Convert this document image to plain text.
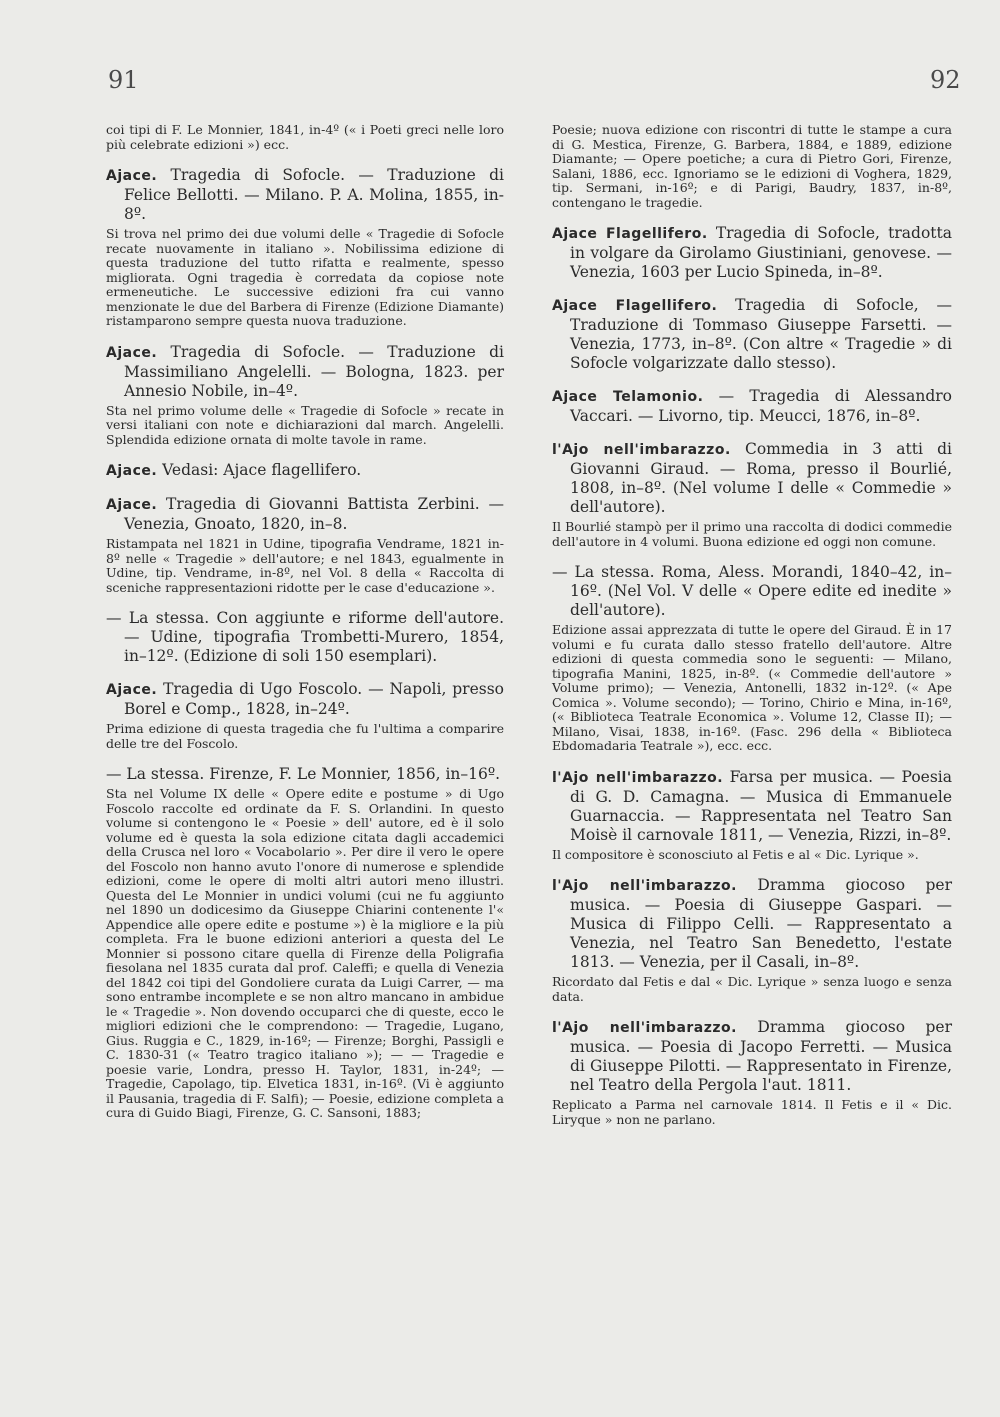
91	92

coi tipi di F. Le Monnier, 1841, in-4º (« i Poeti greci nelle loro più celebrate edizioni ») ecc.

Ajace. Tragedia di Sofocle. — Traduzione di Felice Bellotti. — Milano. P. A. Molina, 1855, in-8º.

Si trova nel primo dei due volumi delle « Tragedie di Sofocle recate nuovamente in italiano ». Nobilissima edizione di questa traduzione del tutto rifatta e realmente, spesso migliorata. Ogni tragedia è corredata da copiose note ermeneutiche. Le successive edizioni fra cui vanno menzionate le due del Barbera di Firenze (Edizione Diamante) ristamparono sempre questa nuova traduzione.

Ajace. Tragedia di Sofocle. — Traduzione di Massimiliano Angelelli. — Bologna, 1823. per Annesio Nobile, in–4º.

Sta nel primo volume delle « Tragedie di Sofocle » recate in versi italiani con note e dichiarazioni dal march. Angelelli. Splendida edizione ornata di molte tavole in rame.

Ajace. Vedasi: Ajace flagellifero.

Ajace. Tragedia di Giovanni Battista Zerbini. — Venezia, Gnoato, 1820, in–8.

Ristampata nel 1821 in Udine, tipografia Vendrame, 1821 in-8º nelle « Tragedie » dell'autore; e nel 1843, egualmente in Udine, tip. Vendrame, in-8º, nel Vol. 8 della « Raccolta di sceniche rappresentazioni ridotte per le case d'educazione ».

— La stessa. Con aggiunte e riforme dell'autore. — Udine, tipografia Trombetti-Murero, 1854, in–12º. (Edizione di soli 150 esemplari).

Ajace. Tragedia di Ugo Foscolo. — Napoli, presso Borel e Comp., 1828, in–24º.

Prima edizione di questa tragedia che fu l'ultima a comparire delle tre del Foscolo.

— La stessa. Firenze, F. Le Monnier, 1856, in–16º.

Sta nel Volume IX delle « Opere edite e postume » di Ugo Foscolo raccolte ed ordinate da F. S. Orlandini. In questo volume si contengono le « Poesie » dell' autore, ed è il solo volume ed è questa la sola edizione citata dagli accademici della Crusca nel loro « Vocabolario ». Per dire il vero le opere del Foscolo non hanno avuto l'onore di numerose e splendide edizioni, come le opere di molti altri autori meno illustri. Questa del Le Monnier in undici volumi (cui ne fu aggiunto nel 1890 un dodicesimo da Giuseppe Chiarini contenente l'« Appendice alle opere edite e postume ») è la migliore e la più completa. Fra le buone edizioni anteriori a questa del Le Monnier si possono citare quella di Firenze della Poligrafia fiesolana nel 1835 curata dal prof. Caleffi; e quella di Venezia del 1842 coi tipi del Gondoliere curata da Luigi Carrer, — ma sono entrambe incomplete e se non altro mancano in ambidue le « Tragedie ». Non dovendo occuparci che di queste, ecco le migliori edizioni che le comprendono: — Tragedie, Lugano, Gius. Ruggia e C., 1829, in-16º; — Firenze; Borghi, Passigli e C. 1830-31 (« Teatro tragico italiano »); — — Tragedie e poesie varie, Londra, presso H. Taylor, 1831, in-24º; — Tragedie, Capolago, tip. Elvetica 1831, in-16º. (Vi è aggiunto il Pausania, tragedia di F. Salfi); — Poesie, edizione completa a cura di Guido Biagi, Firenze, G. C. Sansoni, 1883;

Poesie; nuova edizione con riscontri di tutte le stampe a cura di G. Mestica, Firenze, G. Barbera, 1884, e 1889, edizione Diamante; — Opere poetiche; a cura di Pietro Gori, Firenze, Salani, 1886, ecc. Ignoriamo se le edizioni di Voghera, 1829, tip. Sermani, in-16º; e di Parigi, Baudry, 1837, in-8º, contengano le tragedie.

Ajace Flagellifero. Tragedia di Sofocle, tradotta in volgare da Girolamo Giustiniani, genovese. — Venezia, 1603 per Lucio Spineda, in–8º.

Ajace Flagellifero. Tragedia di Sofocle, — Traduzione di Tommaso Giuseppe Farsetti. — Venezia, 1773, in–8º. (Con altre « Tragedie » di Sofocle volgarizzate dallo stesso).

Ajace Telamonio. — Tragedia di Alessandro Vaccari. — Livorno, tip. Meucci, 1876, in–8º.

l'Ajo nell'imbarazzo. Commedia in 3 atti di Giovanni Giraud. — Roma, presso il Bourlié, 1808, in–8º. (Nel volume I delle « Commedie » dell'autore).

Il Bourlié stampò per il primo una raccolta di dodici commedie dell'autore in 4 volumi. Buona edizione ed oggi non comune.

— La stessa. Roma, Aless. Morandi, 1840–42, in–16º. (Nel Vol. V delle « Opere edite ed inedite » dell'autore).

Edizione assai apprezzata di tutte le opere del Giraud. È in 17 volumi e fu curata dallo stesso fratello dell'autore. Altre edizioni di questa commedia sono le seguenti: — Milano, tipografia Manini, 1825, in-8º. (« Commedie dell'autore » Volume primo); — Venezia, Antonelli, 1832 in-12º. (« Ape Comica ». Volume secondo); — Torino, Chirio e Mina, in-16º, (« Biblioteca Teatrale Economica ». Volume 12, Classe II); — Milano, Visai, 1838, in-16º. (Fasc. 296 della « Biblioteca Ebdomadaria Teatrale »), ecc. ecc.

l'Ajo nell'imbarazzo. Farsa per musica. — Poesia di G. D. Camagna. — Musica di Emmanuele Guarnaccia. — Rappresentata nel Teatro San Moisè il carnovale 1811, — Venezia, Rizzi, in–8º.

Il compositore è sconosciuto al Fetis e al « Dic. Lyrique ».

l'Ajo nell'imbarazzo. Dramma giocoso per musica. — Poesia di Giuseppe Gaspari. — Musica di Filippo Celli. — Rappresentato a Venezia, nel Teatro San Benedetto, l'estate 1813. — Venezia, per il Casali, in–8º.

Ricordato dal Fetis e dal « Dic. Lyrique » senza luogo e senza data.

l'Ajo nell'imbarazzo. Dramma giocoso per musica. — Poesia di Jacopo Ferretti. — Musica di Giuseppe Pilotti. — Rappresentato in Firenze, nel Teatro della Pergola l'aut. 1811.

Replicato a Parma nel carnovale 1814. Il Fetis e il « Dic. Liryque » non ne parlano.
